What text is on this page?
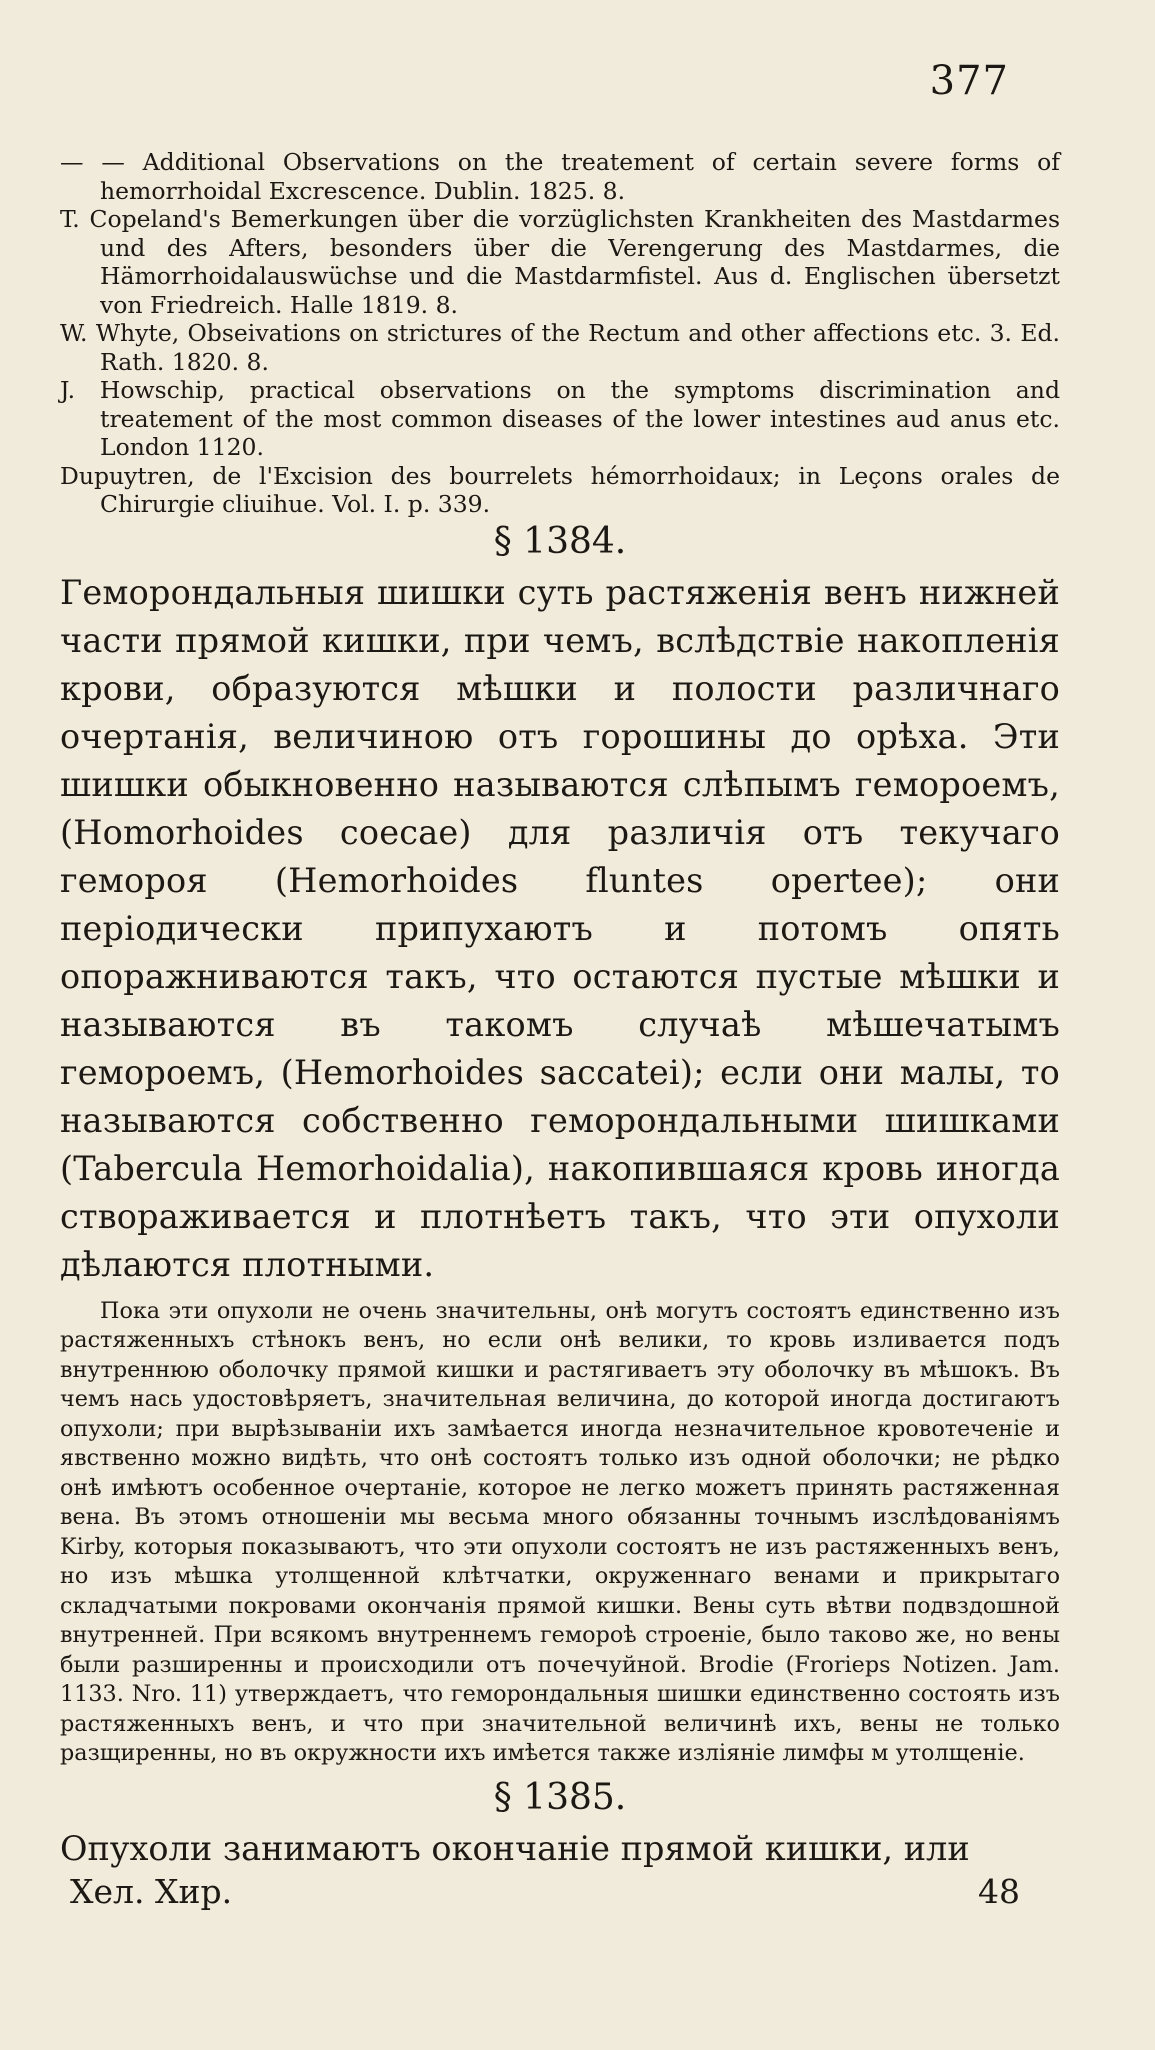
377

— — Additional Observations on the treatement of certain severe forms of hemorrhoidal Excrescence. Dublin. 1825. 8.

T. Copeland's Bemerkungen über die vorzüglichsten Krankheiten des Mastdarmes und des Afters, besonders über die Verengerung des Mastdarmes, die Hämorrhoidalauswüchse und die Mastdarmfistel. Aus d. Englischen übersetzt von Friedreich. Halle 1819. 8.

W. Whyte, Obseivations on strictures of the Rectum and other affections etc. 3. Ed. Rath. 1820. 8.

J. Howschip, practical observations on the symptoms discrimination and treatement of the most common diseases of the lower intestines aud anus etc. London 1120.

Dupuytren, de l'Excision des bourrelets hémorrhoidaux; in Leçons orales de Chirurgie cliuihue. Vol. I. p. 339.

§ 1384.

Геморондальныя шишки суть растяженія венъ нижней части прямой кишки, при чемъ, вслѣдствіе накопленія крови, образуются мѣшки и полости различнаго очертанія, величиною отъ горошины до орѣха. Эти шишки обыкновенно называются слѣпымъ гемороемъ, (Homorhoides coecae) для различія отъ текучаго гемороя (Hemorhoides fluntes opertee); они періодически припухаютъ и потомъ опять опоражниваются такъ, что остаются пустые мѣшки и называются въ такомъ случаѣ мѣшечатымъ гемороемъ, (Hemorhoides saccatei); если они малы, то называются собственно геморондальными шишками (Tabercula Hemorhoidalia), накопившаяся кровь иногда створаживается и плотнѣетъ такъ, что эти опухоли дѣлаются плотными.

Пока эти опухоли не очень значительны, онѣ могутъ состоятъ единственно изъ растяженныхъ стѣнокъ венъ, но если онѣ велики, то кровь изливается подъ внутреннюю оболочку прямой кишки и растягиваетъ эту оболочку въ мѣшокъ. Въ чемъ нась удостовѣряетъ, значительная величина, до которой иногда достигаютъ опухоли; при вырѣзываніи ихъ замѣается иногда незначительное кровотеченіе и явственно можно видѣть, что онѣ состоятъ только изъ одной оболочки; не рѣдко онѣ имѣютъ особенное очертаніе, которое не легко можетъ принять растяженная вена. Въ этомъ отношеніи мы весьма много обязанны точнымъ изслѣдованіямъ Kirby, которыя показываютъ, что эти опухоли состоятъ не изъ растяженныхъ венъ, но изъ мѣшка утолщенной клѣтчатки, окруженнаго венами и прикрытаго складчатыми покровами окончанія прямой кишки. Вены суть вѣтви подвздошной внутренней. При всякомъ внутреннемъ гемороѣ строеніе, было таково же, но вены были разширенны и происходили отъ почечуйной. Brodie (Frorieps Notizen. Jam. 1133. Nro. 11) утверждаетъ, что геморондальныя шишки единственно состоять изъ растяженныхъ венъ, и что при значительной величинѣ ихъ, вены не только разщиренны, но въ окружности ихъ имѣется также излiяніе лимфы м утолщеніе.

§ 1385.

Опухоли занимаютъ окончаніе прямой кишки, или

Хел. Хир.	48
